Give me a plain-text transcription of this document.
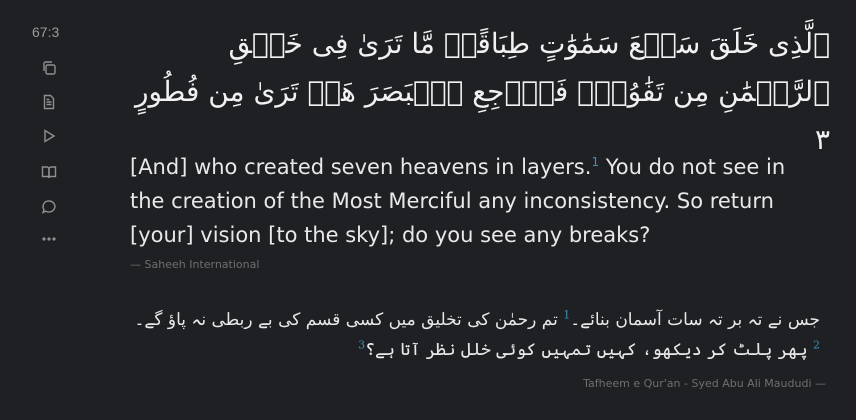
67:3	ٱلَّذِى خَلَقَ سَبۡعَ سَمَٰوَٰتٍ طِبَاقًاۖ مَّا تَرَىٰ فِى خَلۡقِ ٱلرَّحۡمَٰنِ مِن تَفَٰوُتٍۖ فَٱرۡجِعِ ٱلۡبَصَرَ هَلۡ تَرَىٰ مِن فُطُورٍ ٣
[And] who created seven heavens in layers.$^1$ You do not see in the creation of the Most Merciful any inconsistency. So return [your] vision [to the sky]; do you see any breaks?
— Saheeh International
جس نے تہ بر تہ سات آسمان بنائے۔$^1$ تم رحمٰن کی تخلیق میں کسی قسم کی بے ربطی نہ پاؤ گے۔$^2$ پھر پلٹ کر دیکھو، کہیں تمہیں کوئی خلل نظر آتا ہے؟$^3$
Tafheem e Qur'an - Syed Abu Ali Maududi —
